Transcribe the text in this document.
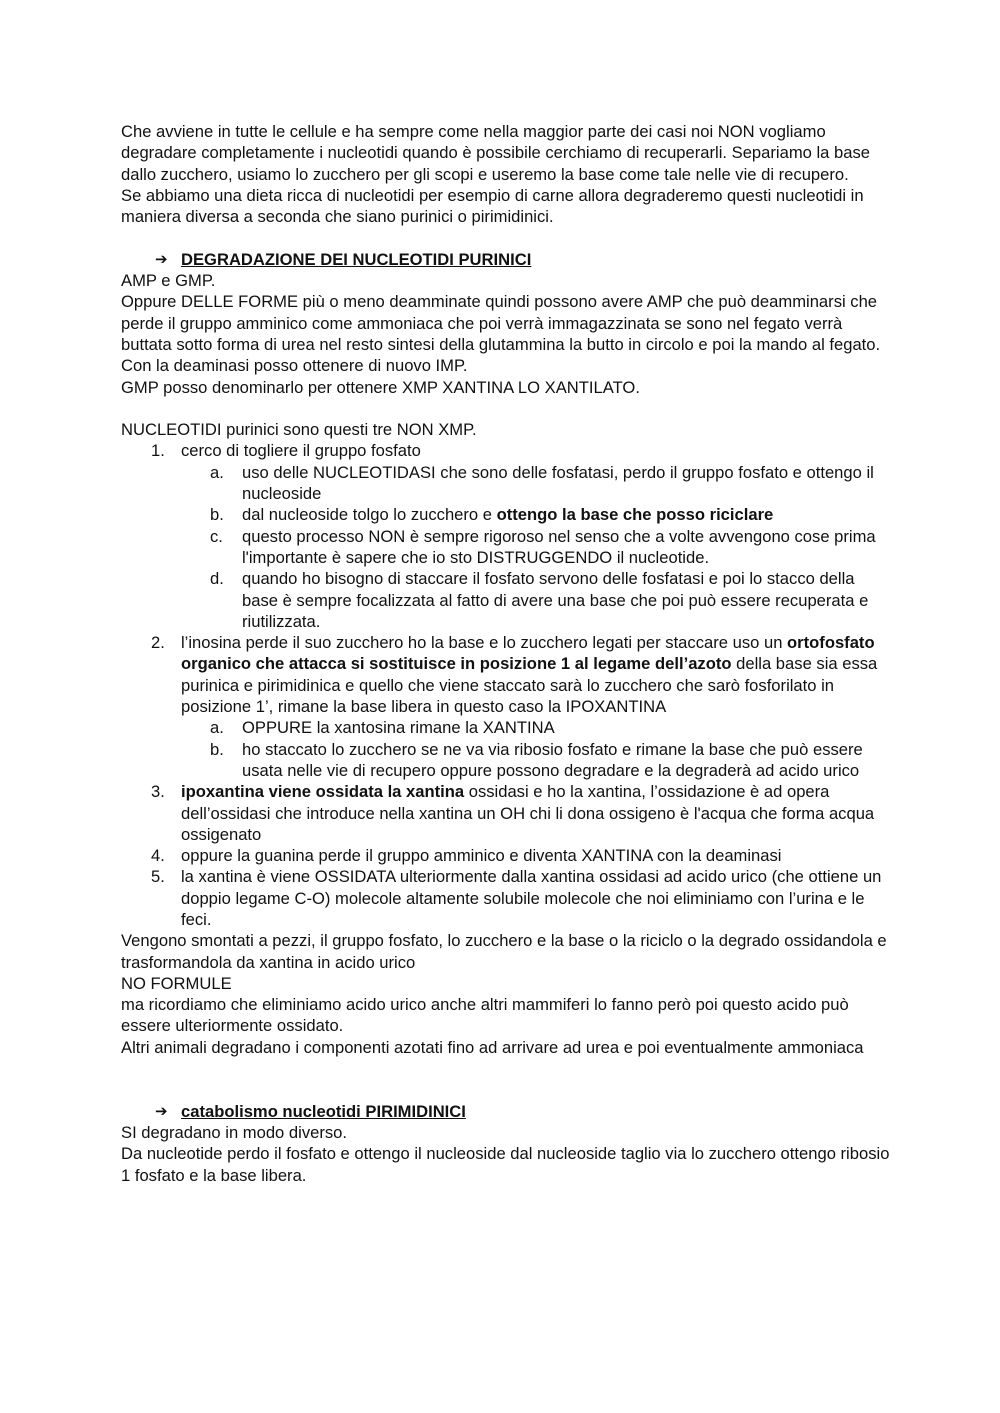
Che avviene in tutte le cellule e ha sempre come nella maggior parte dei casi noi NON vogliamo degradare completamente i nucleotidi quando è possibile cerchiamo di recuperarli. Separiamo la base dallo zucchero, usiamo lo zucchero per gli scopi e useremo la base come tale nelle vie di recupero.

Se abbiamo una dieta ricca di nucleotidi per esempio di carne allora degraderemo questi nucleotidi in maniera diversa a seconda che siano purinici o pirimidinici.

➔ DEGRADAZIONE DEI NUCLEOTIDI PURINICI

AMP e GMP.

Oppure DELLE FORME più o meno deamminate quindi possono avere AMP che può deamminarsi che perde il gruppo amminico come ammoniaca che poi verrà immagazzinata se sono nel fegato verrà buttata sotto forma di urea nel resto sintesi della glutammina la butto in circolo e poi la mando al fegato.

Con la deaminasi posso ottenere di nuovo IMP.

GMP posso denominarlo per ottenere XMP XANTINA LO XANTILATO.

NUCLEOTIDI purinici sono questi tre NON XMP.

1. cerco di togliere il gruppo fosfato
a. uso delle NUCLEOTIDASI che sono delle fosfatasi, perdo il gruppo fosfato e ottengo il nucleoside
b. dal nucleoside tolgo lo zucchero e ottengo la base che posso riciclare
c. questo processo NON è sempre rigoroso nel senso che a volte avvengono cose prima l'importante è sapere che io sto DISTRUGGENDO il nucleotide.
d. quando ho bisogno di staccare il fosfato servono delle fosfatasi e poi lo stacco della base è sempre focalizzata al fatto di avere una base che poi può essere recuperata e riutilizzata.
2. l’inosina perde il suo zucchero ho la base e lo zucchero legati per staccare uso un ortofosfato organico che attacca si sostituisce in posizione 1 al legame dell’azoto della base sia essa purinica e pirimidinica e quello che viene staccato sarà lo zucchero che sarò fosforilato in posizione 1’, rimane la base libera in questo caso la IPOXANTINA
a. OPPURE la xantosina rimane la XANTINA
b. ho staccato lo zucchero se ne va via ribosio fosfato e rimane la base che può essere usata nelle vie di recupero oppure possono degradare e la degraderà ad acido urico
3. ipoxantina viene ossidata la xantina ossidasi e ho la xantina, l’ossidazione è ad opera dell’ossidasi che introduce nella xantina un OH chi li dona ossigeno è l'acqua che forma acqua ossigenato
4. oppure la guanina perde il gruppo amminico e diventa XANTINA con la deaminasi
5. la xantina è viene OSSIDATA ulteriormente dalla xantina ossidasi ad acido urico (che ottiene un doppio legame C-O) molecole altamente solubile molecole che noi eliminiamo con l’urina e le feci.

Vengono smontati a pezzi, il gruppo fosfato, lo zucchero e la base o la riciclo o la degrado ossidandola e trasformandola da xantina in acido urico

NO FORMULE

ma ricordiamo che eliminiamo acido urico anche altri mammiferi lo fanno però poi questo acido può essere ulteriormente ossidato.

Altri animali degradano i componenti azotati fino ad arrivare ad urea e poi eventualmente ammoniaca

➔ catabolismo nucleotidi PIRIMIDINICI

SI degradano in modo diverso.

Da nucleotide perdo il fosfato e ottengo il nucleoside dal nucleoside taglio via lo zucchero ottengo ribosio 1 fosfato e la base libera.
